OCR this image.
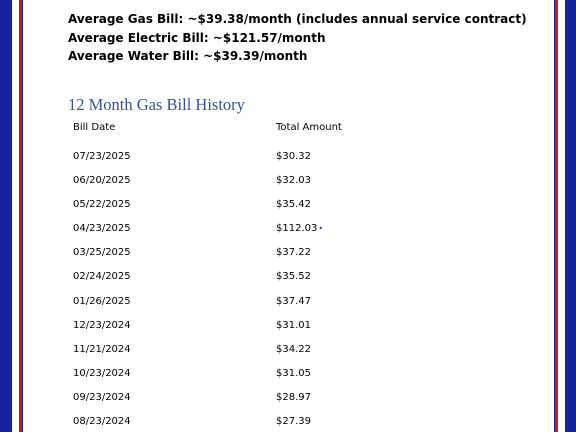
Average Gas Bill: ~$39.38/month (includes annual service contract)
Average Electric Bill: ~$121.57/month
Average Water Bill: ~$39.39/month
12 Month Gas Bill History
Bill Date	Total Amount
07/23/2025	$30.32
06/20/2025	$32.03
05/22/2025	$35.42
04/23/2025	$112.03•
03/25/2025	$37.22
02/24/2025	$35.52
01/26/2025	$37.47
12/23/2024	$31.01
11/21/2024	$34.22
10/23/2024	$31.05
09/23/2024	$28.97
08/23/2024	$27.39
